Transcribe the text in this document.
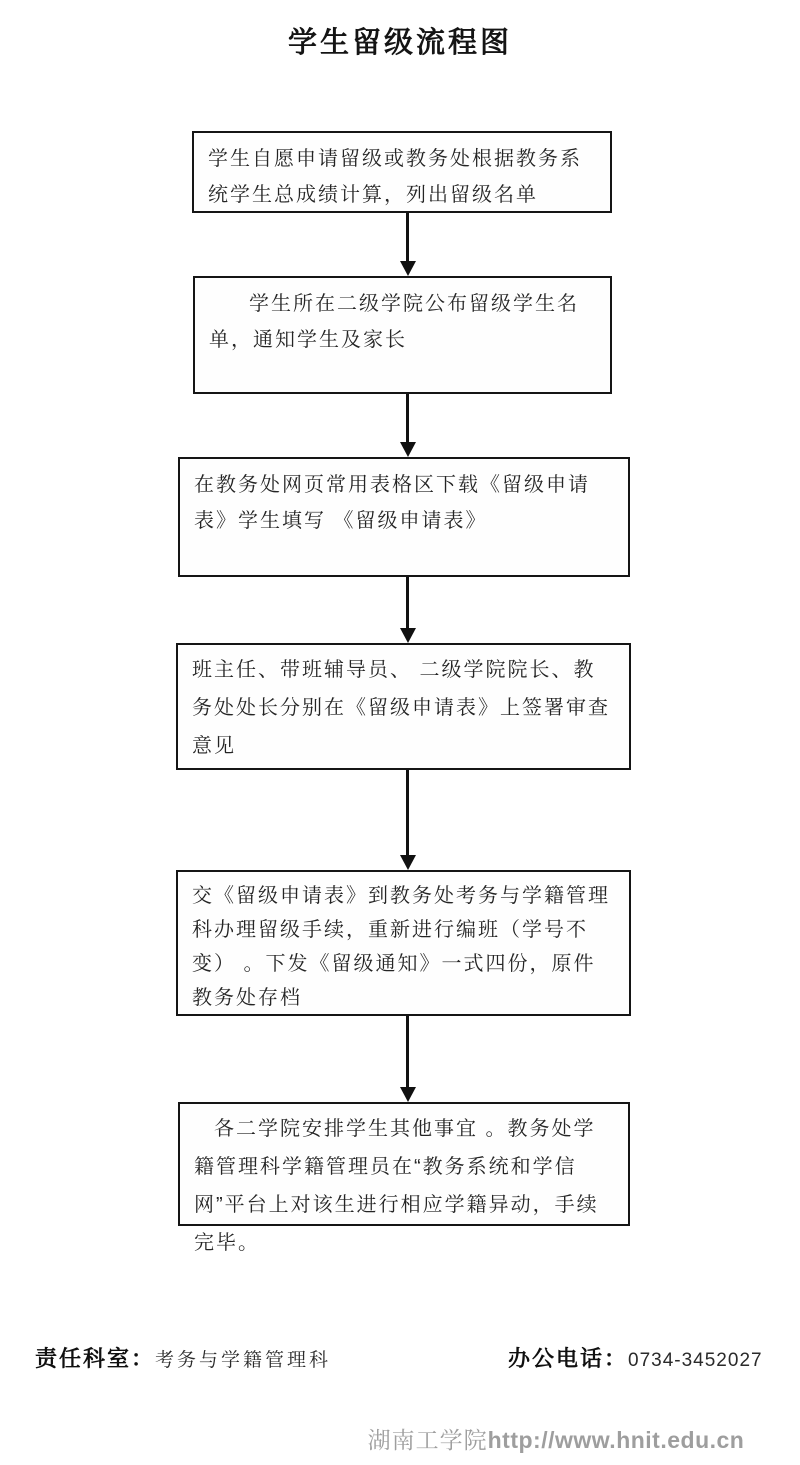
学生留级流程图
学生自愿申请留级或教务处根据教务系统学生总成绩计算，列出留级名单
学生所在二级学院公布留级学生名单，通知学生及家长
在教务处网页常用表格区下载《留级申请表》学生填写 《留级申请表》
班主任、带班辅导员、 二级学院院长、教务处处长分别在《留级申请表》上签署审查意见
交《留级申请表》到教务处考务与学籍管理科办理留级手续，重新进行编班（学号不变） 。下发《留级通知》一式四份，原件教务处存档
各二学院安排学生其他事宜 。教务处学籍管理科学籍管理员在“教务系统和学信网”平台上对该生进行相应学籍异动，手续完毕。
责任科室：考务与学籍管理科	办公电话：0734-3452027
湖南工学院http://www.hnit.edu.cn
